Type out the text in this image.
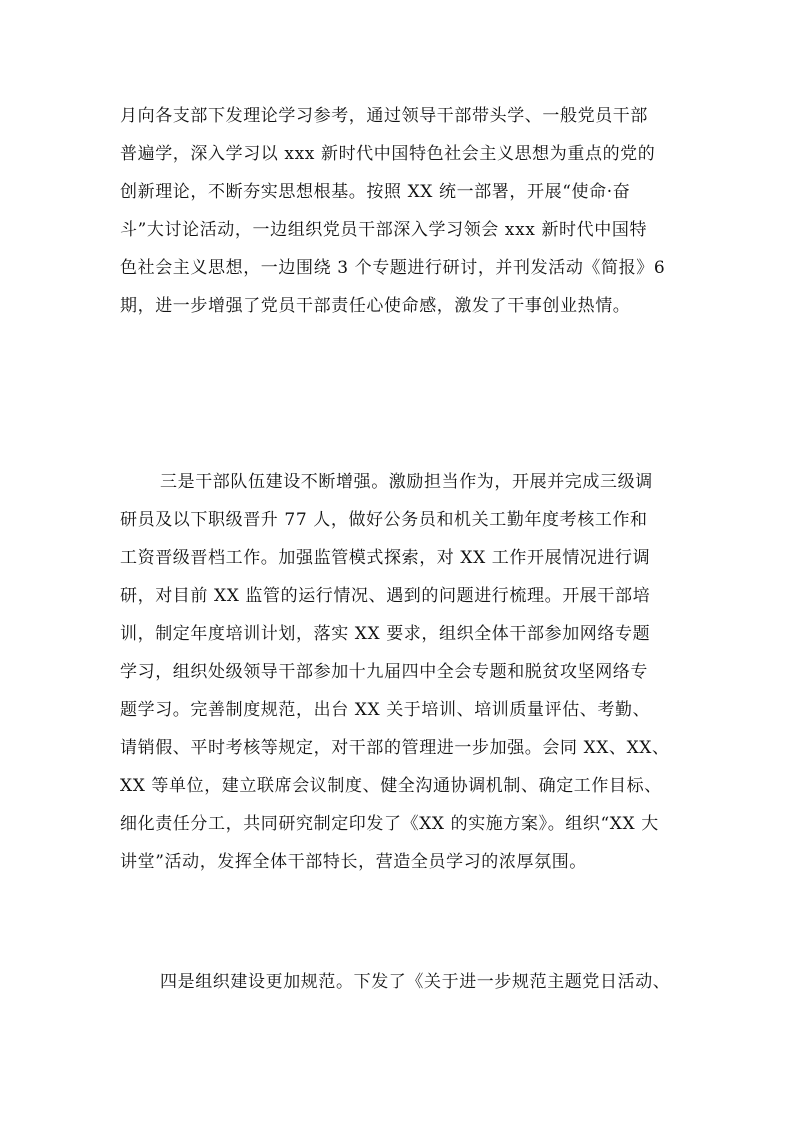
月向各支部下发理论学习参考，通过领导干部带头学、一般党员干部
普遍学，深入学习以 xxx 新时代中国特色社会主义思想为重点的党的
创新理论，不断夯实思想根基。按照 XX 统一部署，开展“使命·奋
斗”大讨论活动，一边组织党员干部深入学习领会 xxx 新时代中国特
色社会主义思想，一边围绕 3 个专题进行研讨，并刊发活动《简报》6
期，进一步增强了党员干部责任心使命感，激发了干事创业热情。
三是干部队伍建设不断增强。激励担当作为，开展并完成三级调
研员及以下职级晋升 77 人，做好公务员和机关工勤年度考核工作和
工资晋级晋档工作。加强监管模式探索，对 XX 工作开展情况进行调
研，对目前 XX 监管的运行情况、遇到的问题进行梳理。开展干部培
训，制定年度培训计划，落实 XX 要求，组织全体干部参加网络专题
学习，组织处级领导干部参加十九届四中全会专题和脱贫攻坚网络专
题学习。完善制度规范，出台 XX 关于培训、培训质量评估、考勤、
请销假、平时考核等规定，对干部的管理进一步加强。会同 XX、XX、
XX 等单位，建立联席会议制度、健全沟通协调机制、确定工作目标、
细化责任分工，共同研究制定印发了《XX 的实施方案》。组织“XX 大
讲堂”活动，发挥全体干部特长，营造全员学习的浓厚氛围。
四是组织建设更加规范。下发了《关于进一步规范主题党日活动、
